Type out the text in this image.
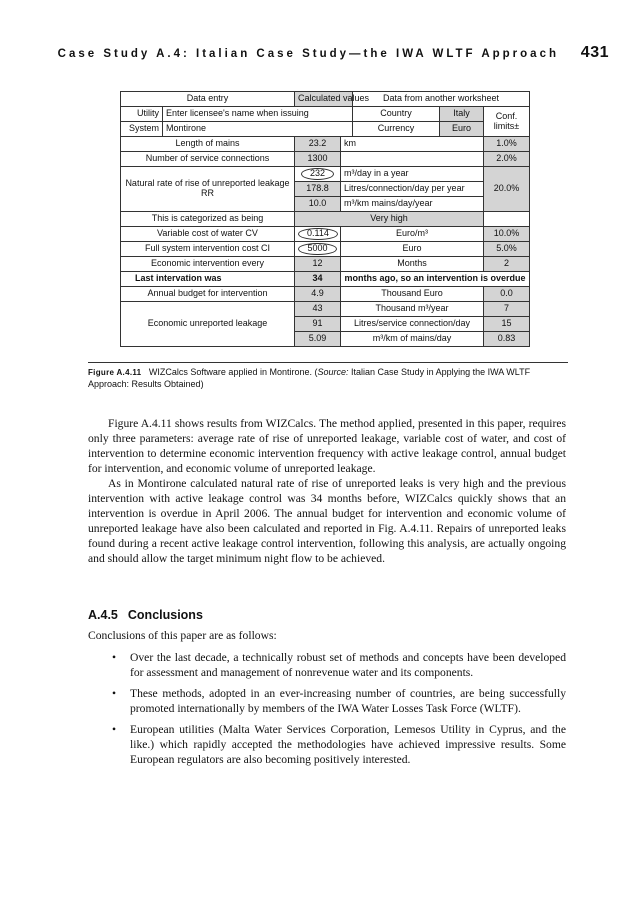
Case Study A.4: Italian Case Study—the IWA WLTF Approach 431
Data entry		Calculated values		Data from another worksheet		
Utility	Enter licensee's name when issuing			Country	Italy	Conf. limits±
System	Montirone			Currency	Euro	
Length of mains		23.2	km			1.0%
Number of service connections		1300				2.0%
Natural rate of rise of unreported leakage RR		232	m³/day in a year			20.0%
		178.8	Litres/connection/day per year			
		10.0	m³/km mains/day/year			
This is categorized as being		Very high				
Variable cost of water CV		0.114	Euro/m³			10.0%
Full system intervention cost CI		5000	Euro			5.0%
Economic intervention every		12	Months			2
Last intervation was		34	months ago, so an intervention is overdue			
Annual budget for intervention		4.9	Thousand Euro			0.0
Economic unreported leakage		43	Thousand m³/year			7
		91	Litres/service connection/day			15
		5.09	m³/km of mains/day			0.83
Figure A.4.11 WIZCalcs Software applied in Montirone. (Source: Italian Case Study in Applying the IWA WLTF Approach: Results Obtained)

Figure A.4.11 shows results from WIZCalcs. The method applied, presented in this paper, requires only three parameters: average rate of rise of unreported leakage, variable cost of water, and cost of intervention to determine economic intervention frequency with active leakage control, annual budget for intervention, and economic volume of unreported leakage.

As in Montirone calculated natural rate of rise of unreported leaks is very high and the previous intervention with active leakage control was 34 months before, WIZCalcs quickly shows that an intervention is overdue in April 2006. The annual budget for intervention and economic volume of unreported leakage have also been calculated and reported in Fig. A.4.11. Repairs of unreported leaks found during a recent active leakage control intervention, following this analysis, are actually ongoing and should allow the target minimum night flow to be achieved.

A.4.5 Conclusions
Conclusions of this paper are as follows:
• Over the last decade, a technically robust set of methods and concepts have been developed for assessment and management of nonrevenue water and its components.
• These methods, adopted in an ever-increasing number of countries, are being successfully promoted internationally by members of the IWA Water Losses Task Force (WLTF).
• European utilities (Malta Water Services Corporation, Lemesos Utility in Cyprus, and the like.) which rapidly accepted the methodologies have achieved impressive results. Some European regulators are also becoming positively interested.
